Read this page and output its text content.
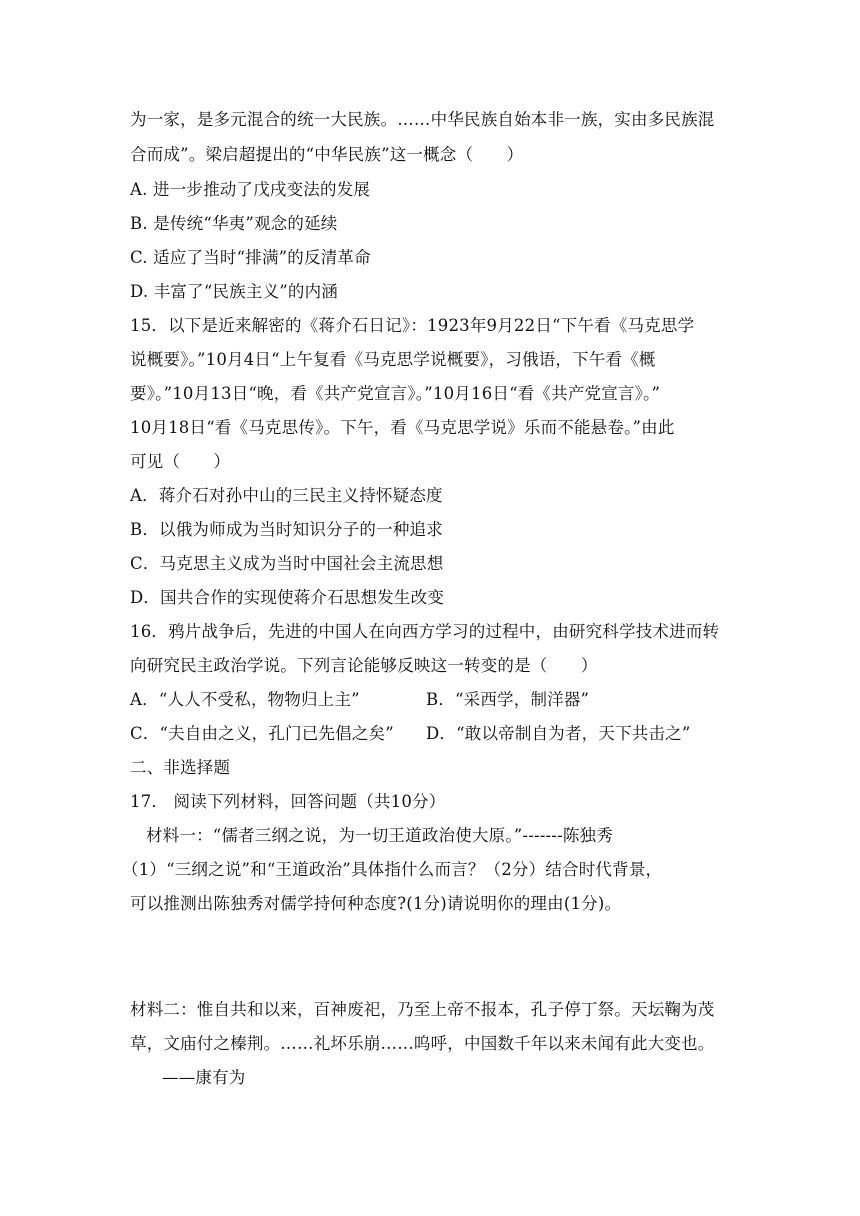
为一家，是多元混合的统一大民族。……中华民族自始本非一族，实由多民族混
合而成”。梁启超提出的“中华民族”这一概念（　　）
A. 进一步推动了戊戌变法的发展
B. 是传统“华夷”观念的延续
C. 适应了当时“排满”的反清革命
D. 丰富了“民族主义”的内涵
15．以下是近来解密的《蒋介石日记》：1923年9月22日“下午看《马克思学
说概要》。”10月4日“上午复看《马克思学说概要》，习俄语，下午看《概
要》。”10月13日“晚，看《共产党宣言》。”10月16日“看《共产党宣言》。”
10月18日“看《马克思传》。下午，看《马克思学说》乐而不能悬卷。”由此
可见（　　）
A．蒋介石对孙中山的三民主义持怀疑态度
B．以俄为师成为当时知识分子的一种追求
C．马克思主义成为当时中国社会主流思想
D．国共合作的实现使蒋介石思想发生改变
16．鸦片战争后，先进的中国人在向西方学习的过程中，由研究科学技术进而转
向研究民主政治学说。下列言论能够反映这一转变的是（　　）
A．“人人不受私，物物归上主”	B．“采西学，制洋器”
C．“夫自由之义，孔门已先倡之矣” D．“敢以帝制自为者，天下共击之”
二、非选择题
17． 阅读下列材料，回答问题（共10分）
材料一：“儒者三纲之说，为一切王道政治使大原。”-------陈独秀
（1）“三纲之说”和“王道政治”具体指什么而言？（2分）结合时代背景，
可以推测出陈独秀对儒学持何种态度?(1分)请说明你的理由(1分)。
材料二：惟自共和以来，百神废祀，乃至上帝不报本，孔子停丁祭。天坛鞠为茂
草，文庙付之榛荆。……礼坏乐崩……呜呼，中国数千年以来未闻有此大变也。
——康有为
